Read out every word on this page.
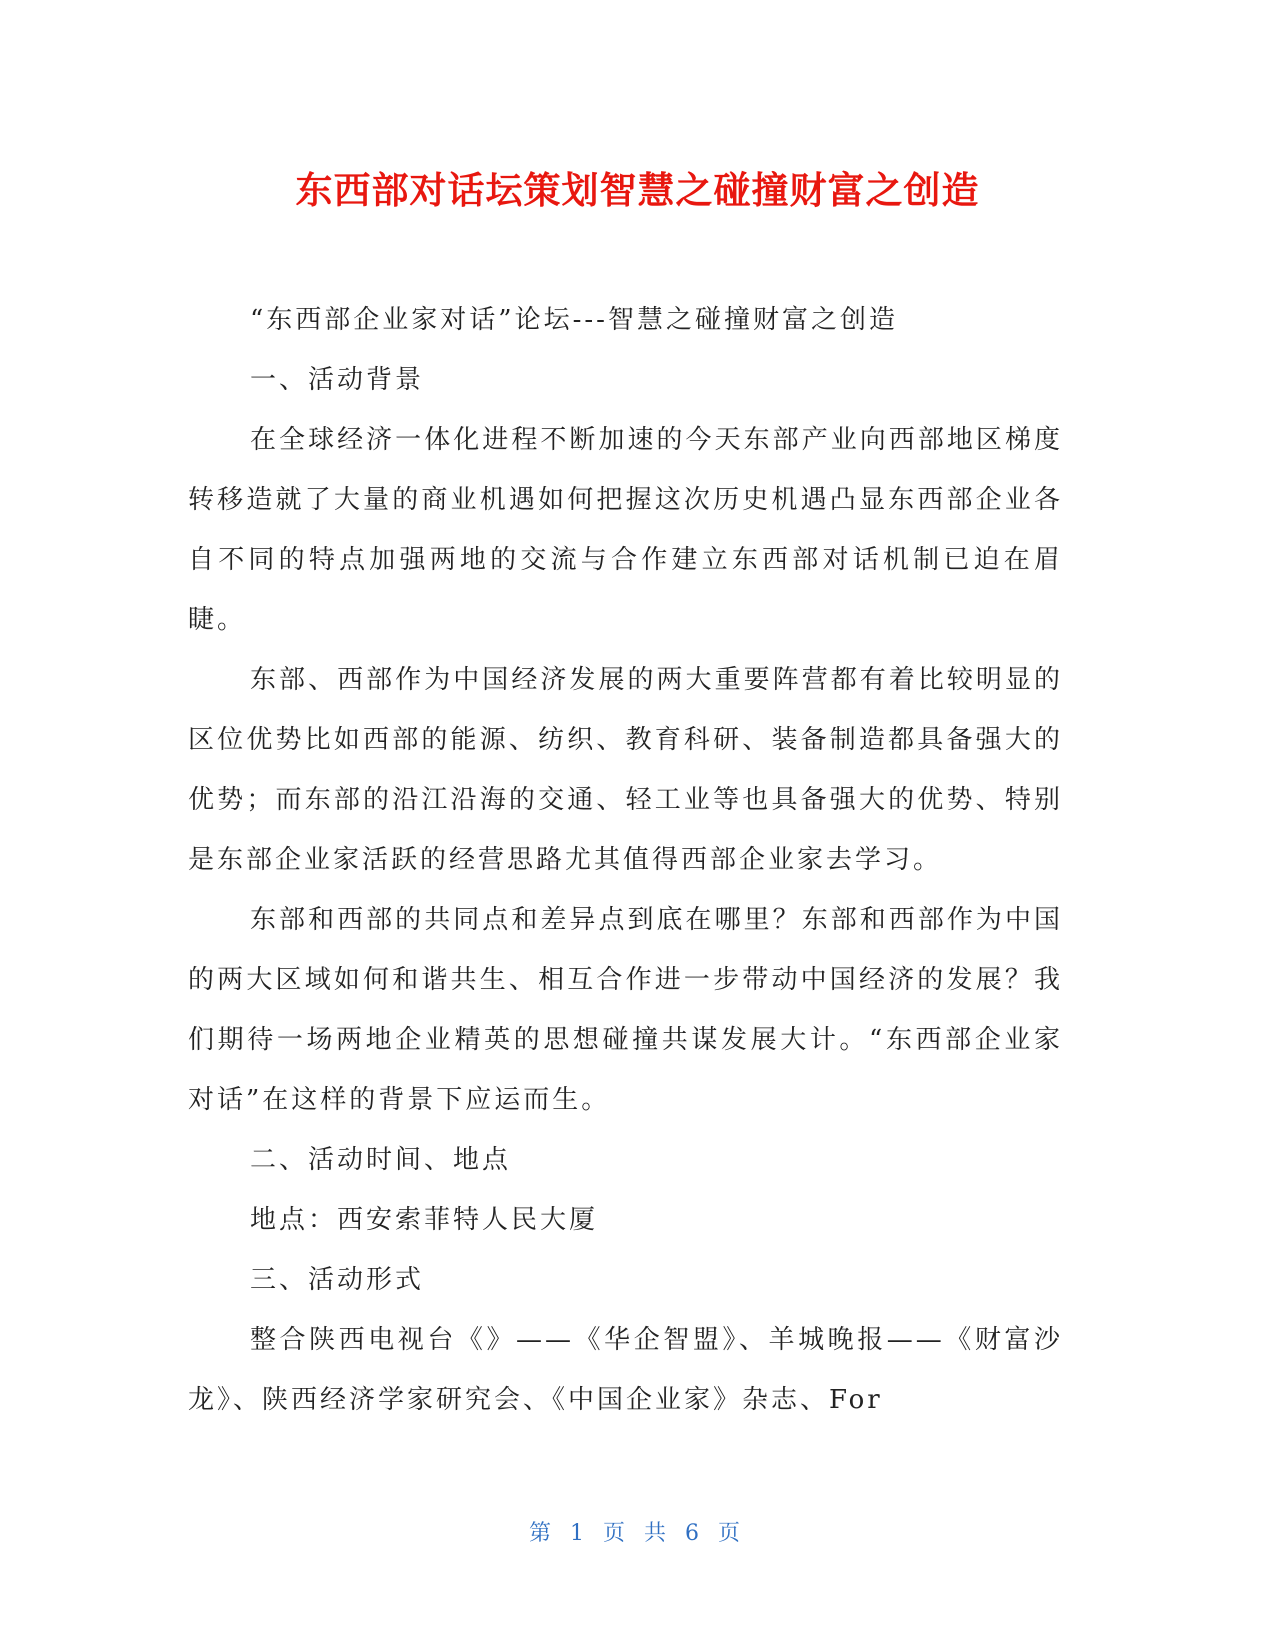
东西部对话坛策划智慧之碰撞财富之创造

“东西部企业家对话”论坛---智慧之碰撞财富之创造

一、活动背景

在全球经济一体化进程不断加速的今天东部产业向西部地区梯度转移造就了大量的商业机遇如何把握这次历史机遇凸显东西部企业各自不同的特点加强两地的交流与合作建立东西部对话机制已迫在眉睫。

东部、西部作为中国经济发展的两大重要阵营都有着比较明显的区位优势比如西部的能源、纺织、教育科研、装备制造都具备强大的优势；而东部的沿江沿海的交通、轻工业等也具备强大的优势、特别是东部企业家活跃的经营思路尤其值得西部企业家去学习。

东部和西部的共同点和差异点到底在哪里？东部和西部作为中国的两大区域如何和谐共生、相互合作进一步带动中国经济的发展？我们期待一场两地企业精英的思想碰撞共谋发展大计。“东西部企业家对话”在这样的背景下应运而生。

二、活动时间、地点

地点：西安索菲特人民大厦

三、活动形式

整合陕西电视台《》——《华企智盟》、羊城晚报——《财富沙龙》、陕西经济学家研究会、《中国企业家》杂志、For

第 1 页 共 6 页
